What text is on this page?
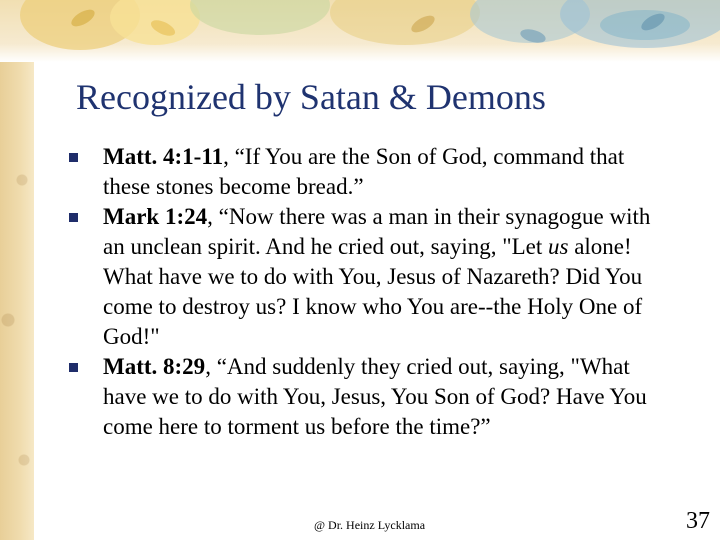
Recognized by Satan & Demons
Matt. 4:1-11, “If You are the Son of God, command that these stones become bread.”
Mark 1:24, “Now there was a man in their synagogue with an unclean spirit. And he cried out, saying, "Let us alone! What have we to do with You, Jesus of Nazareth? Did You come to destroy us? I know who You are--the Holy One of God!"
Matt. 8:29, “And suddenly they cried out, saying, "What have we to do with You, Jesus, You Son of God? Have You come here to torment us before the time?”
@ Dr. Heinz Lycklama	37
